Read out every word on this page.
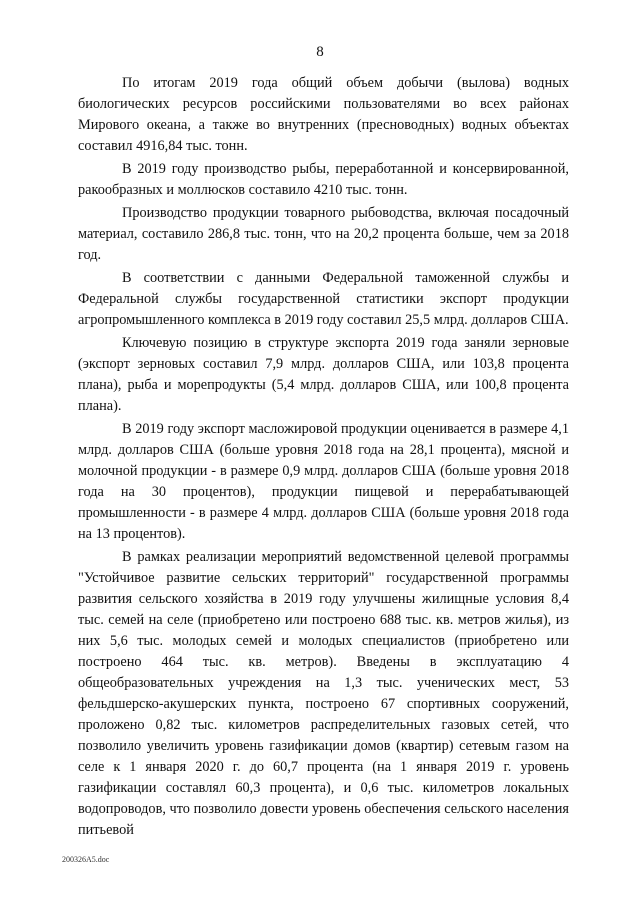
8

По итогам 2019 года общий объем добычи (вылова) водных биологических ресурсов российскими пользователями во всех районах Мирового океана, а также во внутренних (пресноводных) водных объектах составил 4916,84 тыс. тонн.

В 2019 году производство рыбы, переработанной и консервированной, ракообразных и моллюсков составило 4210 тыс. тонн.

Производство продукции товарного рыбоводства, включая посадочный материал, составило 286,8 тыс. тонн, что на 20,2 процента больше, чем за 2018 год.

В соответствии с данными Федеральной таможенной службы и Федеральной службы государственной статистики экспорт продукции агропромышленного комплекса в 2019 году составил 25,5 млрд. долларов США.

Ключевую позицию в структуре экспорта 2019 года заняли зерновые (экспорт зерновых составил 7,9 млрд. долларов США, или 103,8 процента плана), рыба и морепродукты (5,4 млрд. долларов США, или 100,8 процента плана).

В 2019 году экспорт масложировой продукции оценивается в размере 4,1 млрд. долларов США (больше уровня 2018 года на 28,1 процента), мясной и молочной продукции - в размере 0,9 млрд. долларов США (больше уровня 2018 года на 30 процентов), продукции пищевой и перерабатывающей промышленности - в размере 4 млрд. долларов США (больше уровня 2018 года на 13 процентов).

В рамках реализации мероприятий ведомственной целевой программы "Устойчивое развитие сельских территорий" государственной программы развития сельского хозяйства в 2019 году улучшены жилищные условия 8,4 тыс. семей на селе (приобретено или построено 688 тыс. кв. метров жилья), из них 5,6 тыс. молодых семей и молодых специалистов (приобретено или построено 464 тыс. кв. метров). Введены в эксплуатацию 4 общеобразовательных учреждения на 1,3 тыс. ученических мест, 53 фельдшерско-акушерских пункта, построено 67 спортивных сооружений, проложено 0,82 тыс. километров распределительных газовых сетей, что позволило увеличить уровень газификации домов (квартир) сетевым газом на селе к 1 января 2020 г. до 60,7 процента (на 1 января 2019 г. уровень газификации составлял 60,3 процента), и 0,6 тыс. километров локальных водопроводов, что позволило довести уровень обеспечения сельского населения питьевой

200326A5.doc
